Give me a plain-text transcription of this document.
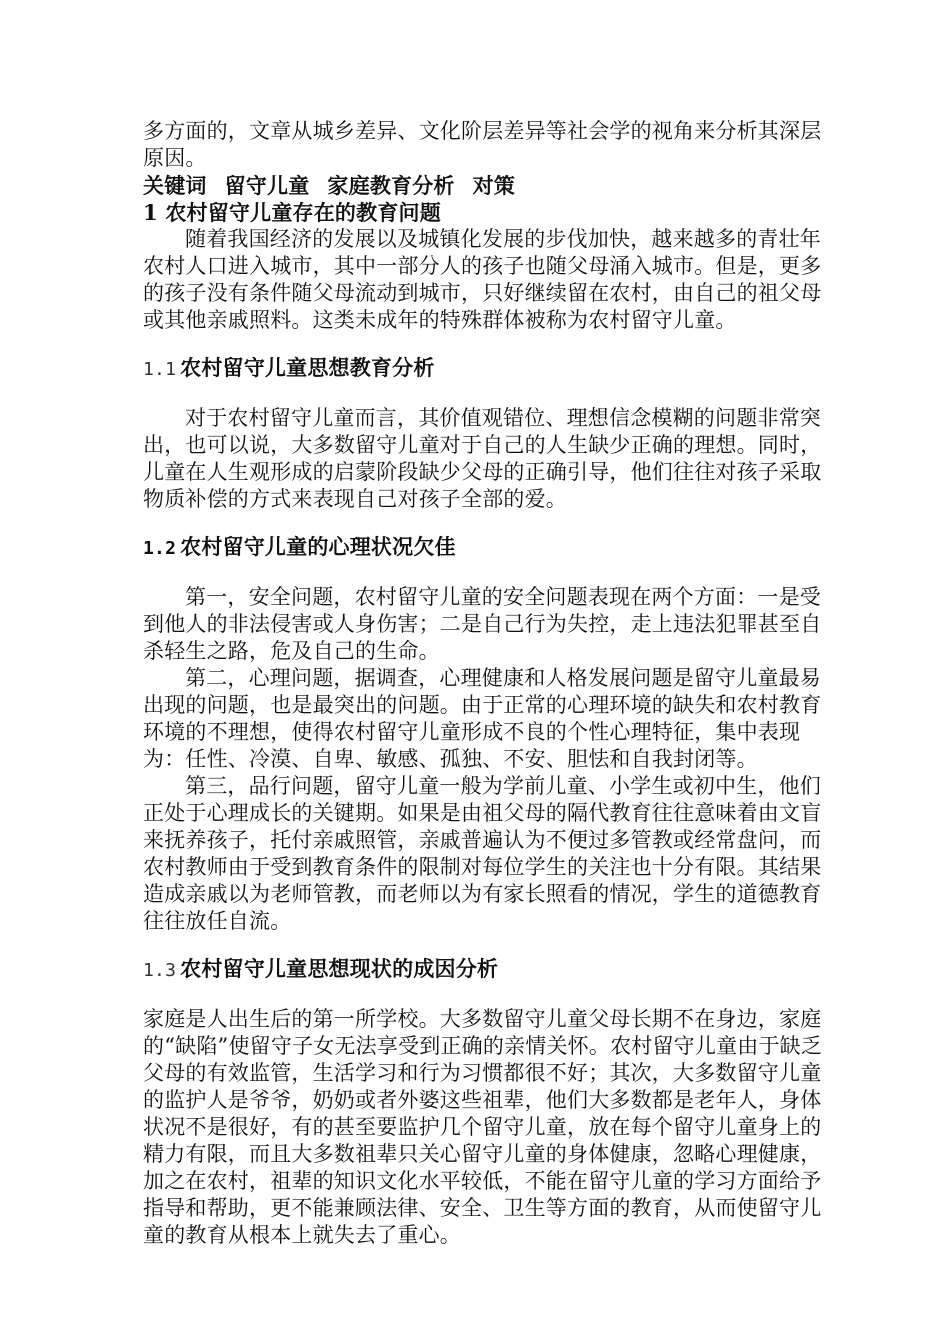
多方面的，文章从城乡差异、文化阶层差异等社会学的视角来分析其深层原因。

关键词 留守儿童 家庭教育分析 对策

1 农村留守儿童存在的教育问题

随着我国经济的发展以及城镇化发展的步伐加快，越来越多的青壮年农村人口进入城市，其中一部分人的孩子也随父母涌入城市。但是，更多的孩子没有条件随父母流动到城市，只好继续留在农村，由自己的祖父母或其他亲戚照料。这类未成年的特殊群体被称为农村留守儿童。

1.1 农村留守儿童思想教育分析

对于农村留守儿童而言，其价值观错位、理想信念模糊的问题非常突出，也可以说，大多数留守儿童对于自己的人生缺少正确的理想。同时，儿童在人生观形成的启蒙阶段缺少父母的正确引导，他们往往对孩子采取物质补偿的方式来表现自己对孩子全部的爱。

1.2 农村留守儿童的心理状况欠佳

第一，安全问题，农村留守儿童的安全问题表现在两个方面：一是受到他人的非法侵害或人身伤害；二是自己行为失控，走上违法犯罪甚至自杀轻生之路，危及自己的生命。

第二，心理问题，据调查，心理健康和人格发展问题是留守儿童最易出现的问题，也是最突出的问题。由于正常的心理环境的缺失和农村教育环境的不理想，使得农村留守儿童形成不良的个性心理特征，集中表现为：任性、冷漠、自卑、敏感、孤独、不安、胆怯和自我封闭等。

第三，品行问题，留守儿童一般为学前儿童、小学生或初中生，他们正处于心理成长的关键期。如果是由祖父母的隔代教育往往意味着由文盲来抚养孩子，托付亲戚照管，亲戚普遍认为不便过多管教或经常盘问，而农村教师由于受到教育条件的限制对每位学生的关注也十分有限。其结果造成亲戚以为老师管教，而老师以为有家长照看的情况，学生的道德教育往往放任自流。

1.3 农村留守儿童思想现状的成因分析

家庭是人出生后的第一所学校。大多数留守儿童父母长期不在身边，家庭的“缺陷”使留守子女无法享受到正确的亲情关怀。农村留守儿童由于缺乏父母的有效监管，生活学习和行为习惯都很不好；其次，大多数留守儿童的监护人是爷爷，奶奶或者外婆这些祖辈，他们大多数都是老年人，身体状况不是很好，有的甚至要监护几个留守儿童，放在每个留守儿童身上的精力有限，而且大多数祖辈只关心留守儿童的身体健康，忽略心理健康，加之在农村，祖辈的知识文化水平较低，不能在留守儿童的学习方面给予指导和帮助，更不能兼顾法律、安全、卫生等方面的教育，从而使留守儿童的教育从根本上就失去了重心。
